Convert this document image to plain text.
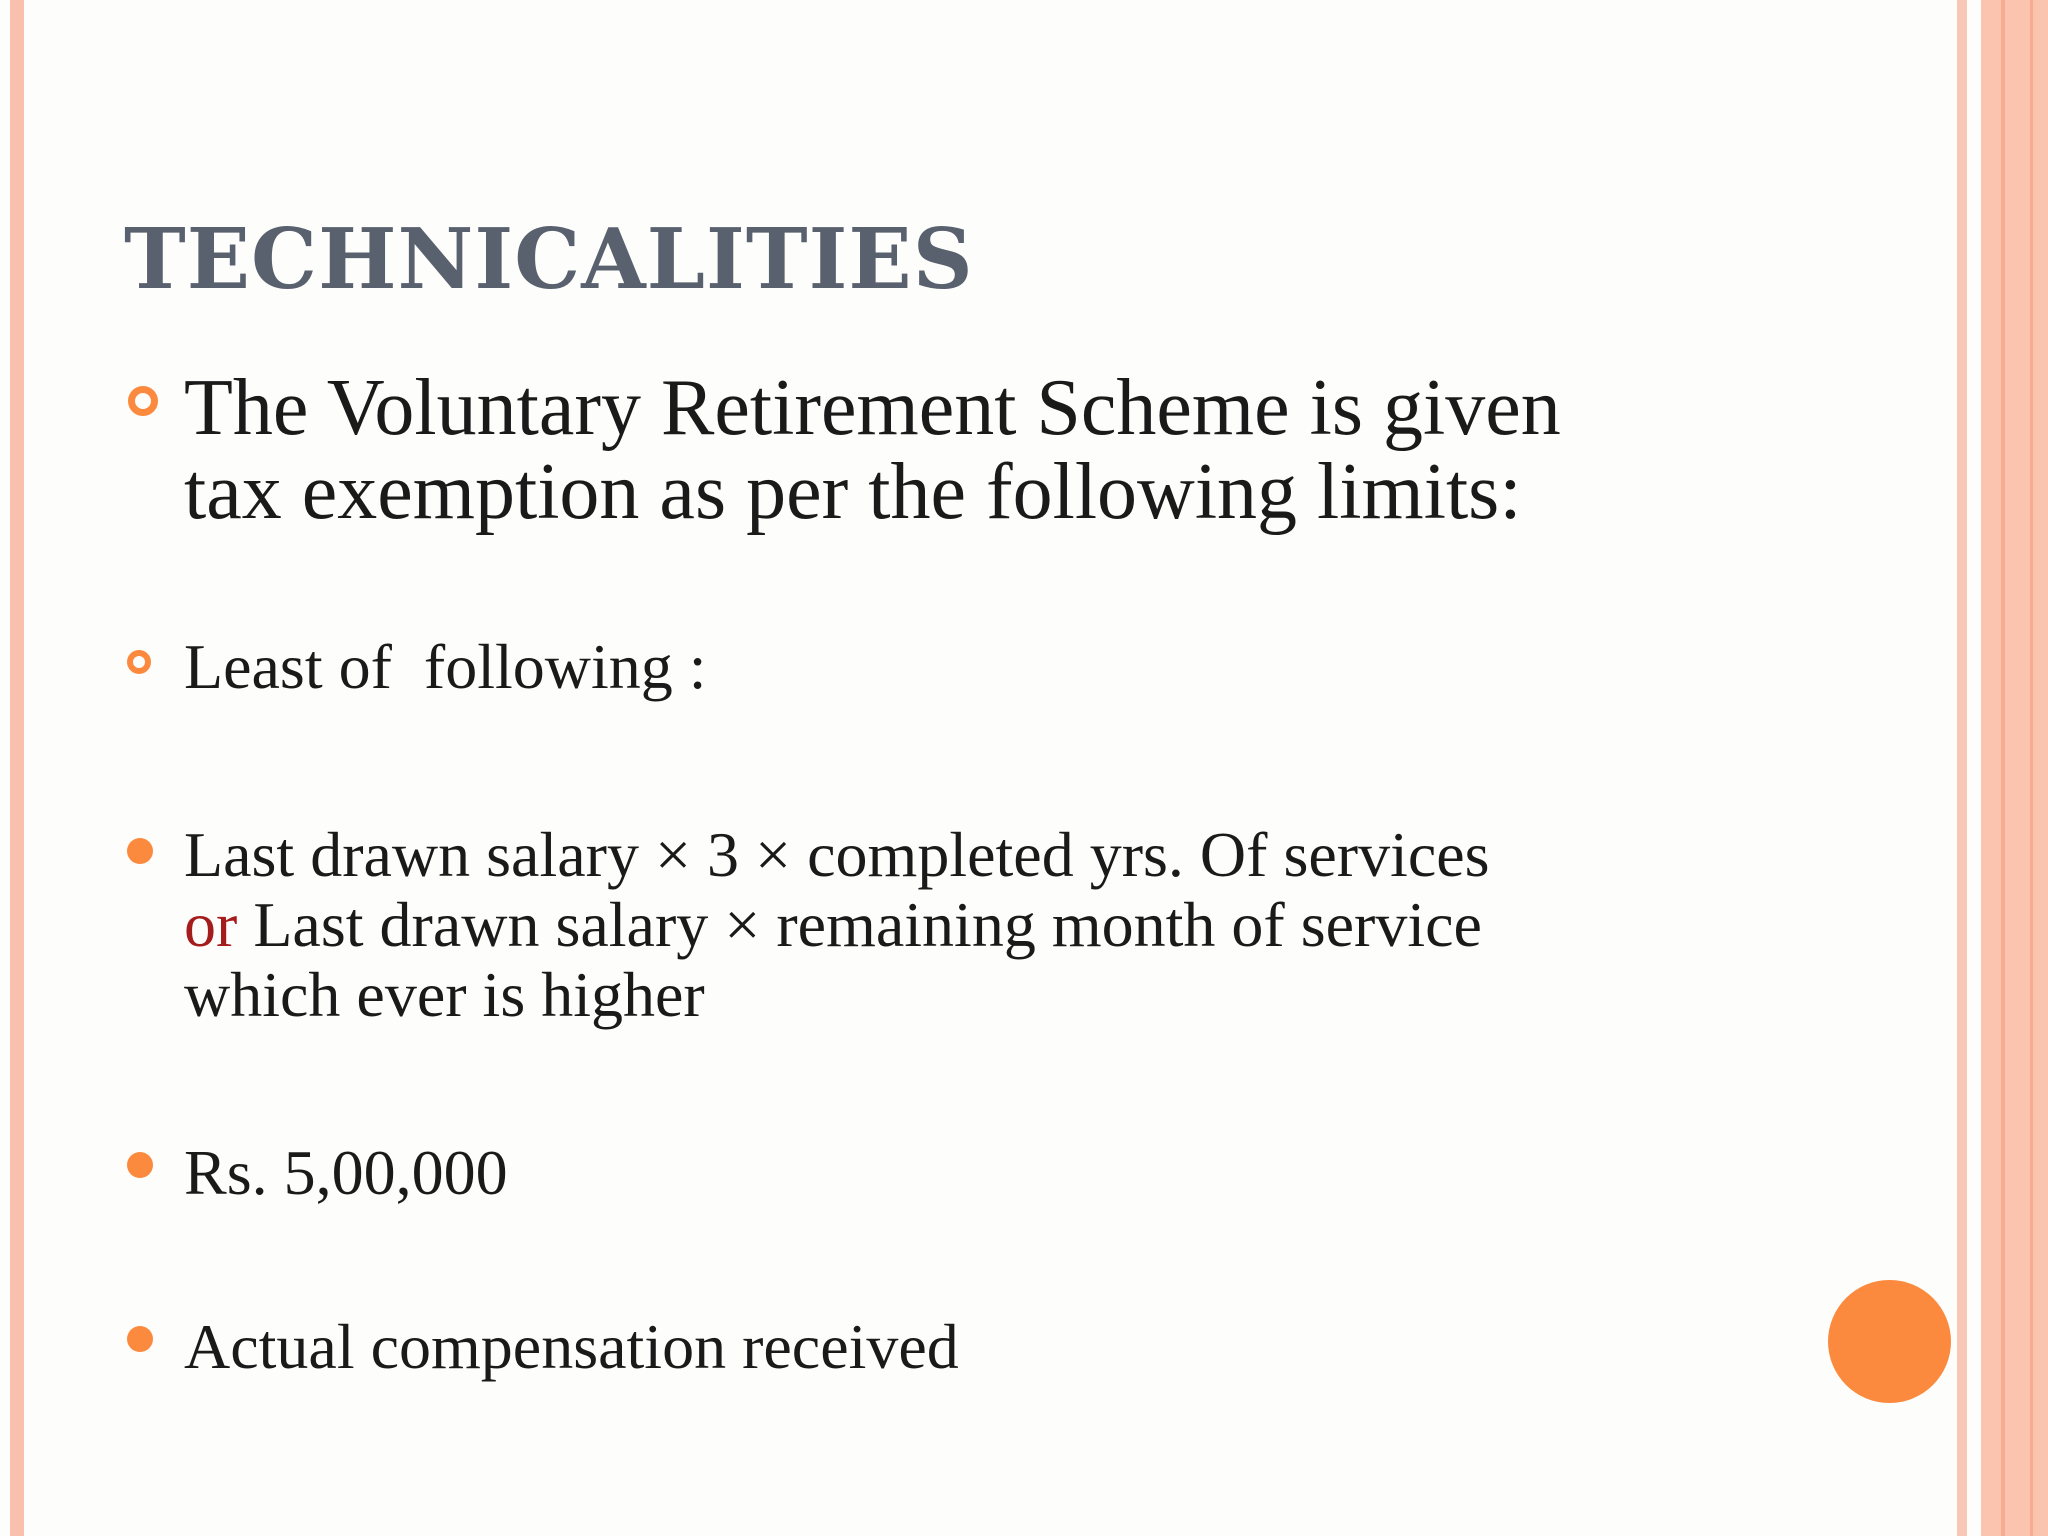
TECHNICALITIES
The Voluntary Retirement Scheme is given
tax exemption as per the following limits:
Least of  following :
Last drawn salary × 3 × completed yrs. Of services
or Last drawn salary × remaining month of service
which ever is higher
Rs. 5,00,000
Actual compensation received
